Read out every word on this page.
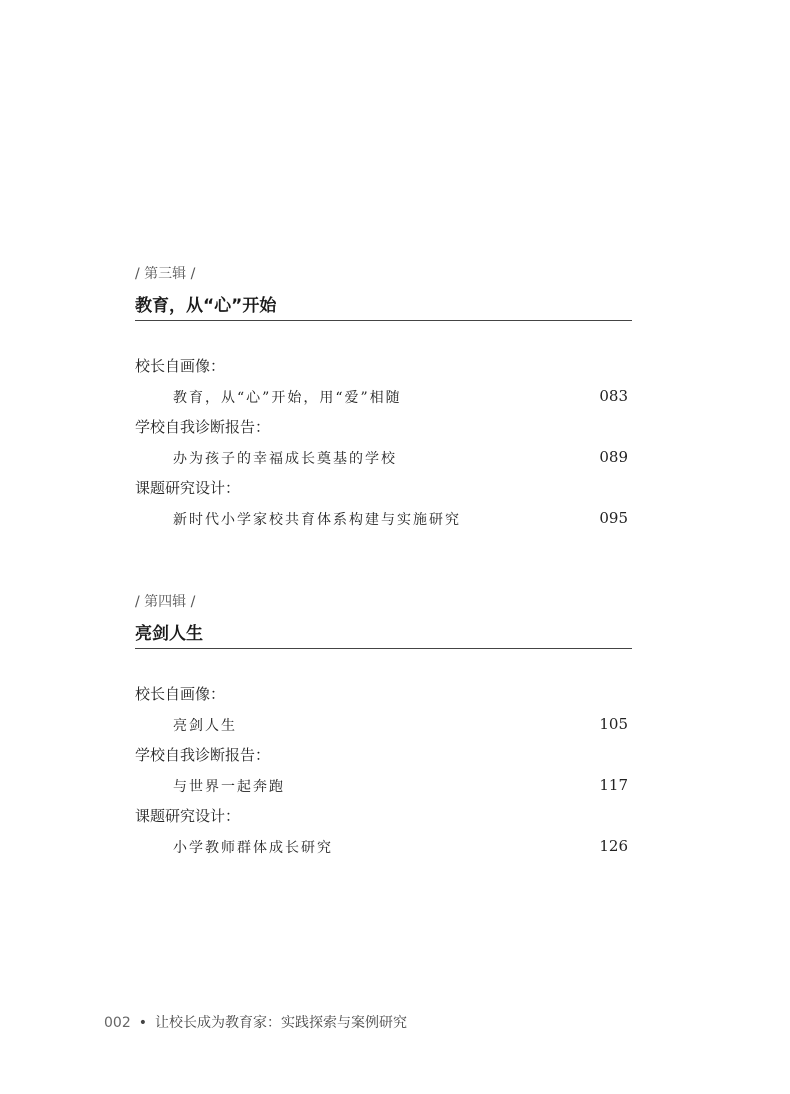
/ 第三辑 /
教育，从“心”开始
校长自画像：
教育，从“心”开始，用“爱”相随	083
学校自我诊断报告：
办为孩子的幸福成长奠基的学校	089
课题研究设计：
新时代小学家校共育体系构建与实施研究	095
/ 第四辑 /
亮剑人生
校长自画像：
亮剑人生	105
学校自我诊断报告：
与世界一起奔跑	117
课题研究设计：
小学教师群体成长研究	126
002 • 让校长成为教育家：实践探索与案例研究
